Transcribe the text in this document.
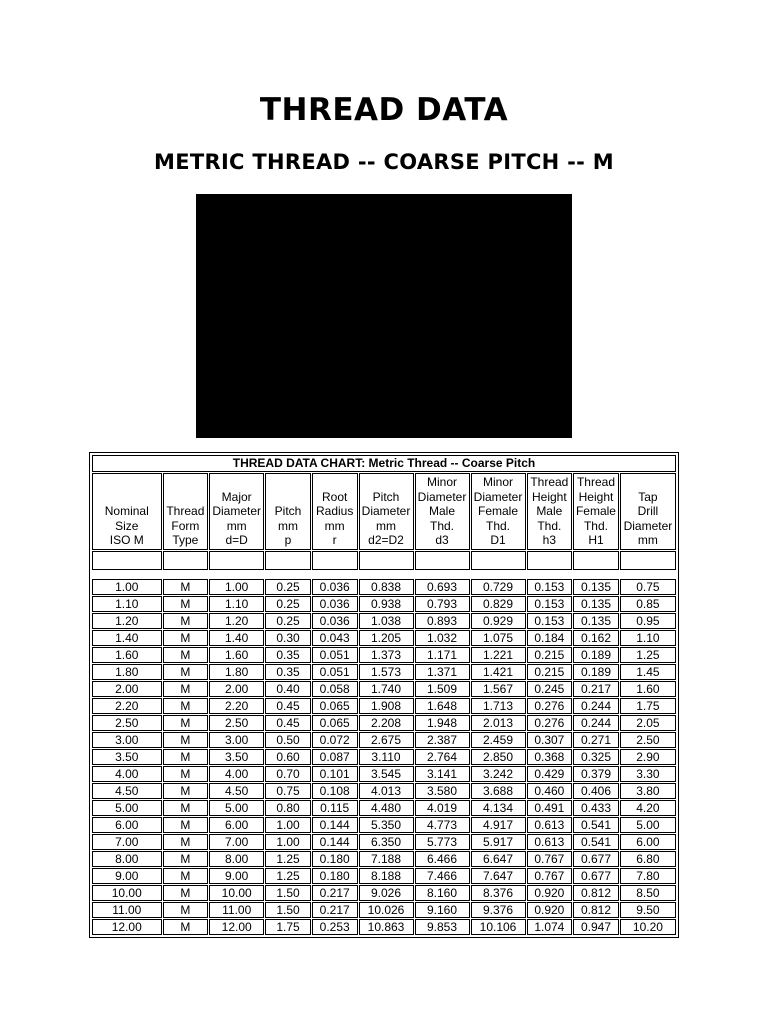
THREAD DATA
METRIC THREAD -- COARSE PITCH -- M
THREAD DATA CHART: Metric Thread -- Coarse Pitch										

Nominal
Size
ISO M	Thread
Form
Type	Major
Diameter
mm
d=D	Pitch
mm
p	Root
Radius
mm
r	Pitch
Diameter
mm
d2=D2	Minor
Diameter
Male
Thd.
d3	Minor
Diameter
Female
Thd.
D1	Thread
Height
Male
Thd.
h3	Thread
Height
Female
Thd.
H1	Tap
Drill
Diameter
mm

1.00	M	1.00	0.25	0.036	0.838	0.693	0.729	0.153	0.135	0.75
1.10	M	1.10	0.25	0.036	0.938	0.793	0.829	0.153	0.135	0.85
1.20	M	1.20	0.25	0.036	1.038	0.893	0.929	0.153	0.135	0.95
1.40	M	1.40	0.30	0.043	1.205	1.032	1.075	0.184	0.162	1.10
1.60	M	1.60	0.35	0.051	1.373	1.171	1.221	0.215	0.189	1.25
1.80	M	1.80	0.35	0.051	1.573	1.371	1.421	0.215	0.189	1.45
2.00	M	2.00	0.40	0.058	1.740	1.509	1.567	0.245	0.217	1.60
2.20	M	2.20	0.45	0.065	1.908	1.648	1.713	0.276	0.244	1.75
2.50	M	2.50	0.45	0.065	2.208	1.948	2.013	0.276	0.244	2.05
3.00	M	3.00	0.50	0.072	2.675	2.387	2.459	0.307	0.271	2.50
3.50	M	3.50	0.60	0.087	3.110	2.764	2.850	0.368	0.325	2.90
4.00	M	4.00	0.70	0.101	3.545	3.141	3.242	0.429	0.379	3.30
4.50	M	4.50	0.75	0.108	4.013	3.580	3.688	0.460	0.406	3.80
5.00	M	5.00	0.80	0.115	4.480	4.019	4.134	0.491	0.433	4.20
6.00	M	6.00	1.00	0.144	5.350	4.773	4.917	0.613	0.541	5.00
7.00	M	7.00	1.00	0.144	6.350	5.773	5.917	0.613	0.541	6.00
8.00	M	8.00	1.25	0.180	7.188	6.466	6.647	0.767	0.677	6.80
9.00	M	9.00	1.25	0.180	8.188	7.466	7.647	0.767	0.677	7.80
10.00	M	10.00	1.50	0.217	9.026	8.160	8.376	0.920	0.812	8.50
11.00	M	11.00	1.50	0.217	10.026	9.160	9.376	0.920	0.812	9.50
12.00	M	12.00	1.75	0.253	10.863	9.853	10.106	1.074	0.947	10.20
